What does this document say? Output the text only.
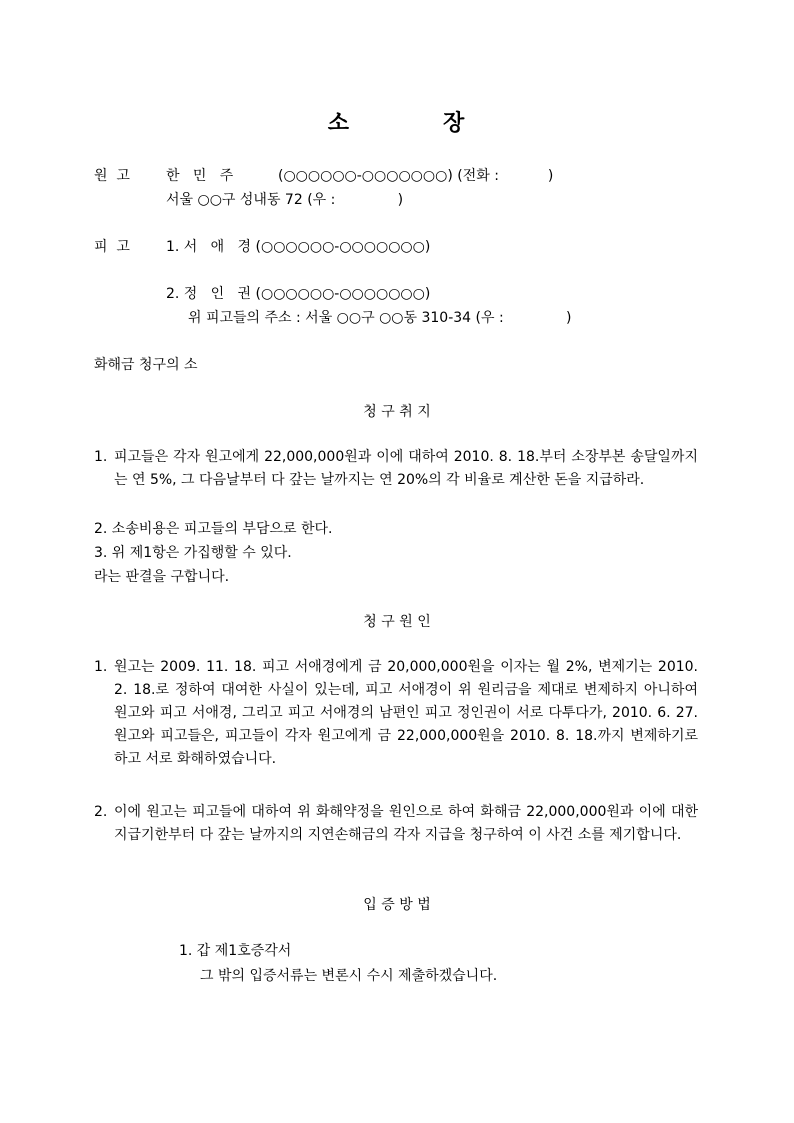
소	장
원  고	한   민   주	(○○○○○○-○○○○○○○) (전화 :           )
서울 ○○구 성내동 72 (우 :              )
피  고	1. 서   애   경 (○○○○○○-○○○○○○○)
2. 정   인   권 (○○○○○○-○○○○○○○)
위 피고들의 주소 : 서울 ○○구 ○○동 310-34 (우 :              )
화해금 청구의 소
청 구 취 지
1. 피고들은 각자 원고에게 22,000,000원과 이에 대하여 2010. 8. 18.부터 소장부본 송달일까지는 연 5%, 그 다음날부터 다 갚는 날까지는 연 20%의 각 비율로 계산한 돈을 지급하라.
2. 소송비용은 피고들의 부담으로 한다.
3. 위 제1항은 가집행할 수 있다.
라는 판결을 구합니다.
청 구 원 인
1. 원고는 2009. 11. 18. 피고 서애경에게 금 20,000,000원을 이자는 월 2%, 변제기는 2010. 2. 18.로 정하여 대여한 사실이 있는데, 피고 서애경이 위 원리금을 제대로 변제하지 아니하여 원고와 피고 서애경, 그리고 피고 서애경의 남편인 피고 정인권이 서로 다투다가, 2010. 6. 27. 원고와 피고들은, 피고들이 각자 원고에게 금 22,000,000원을 2010. 8. 18.까지 변제하기로 하고 서로 화해하였습니다.
2. 이에 원고는 피고들에 대하여 위 화해약정을 원인으로 하여 화해금 22,000,000원과 이에 대한 지급기한부터 다 갚는 날까지의 지연손해금의 각자 지급을 청구하여 이 사건 소를 제기합니다.
입 증 방 법
1. 갑 제1호증각서
그 밖의 입증서류는 변론시 수시 제출하겠습니다.
